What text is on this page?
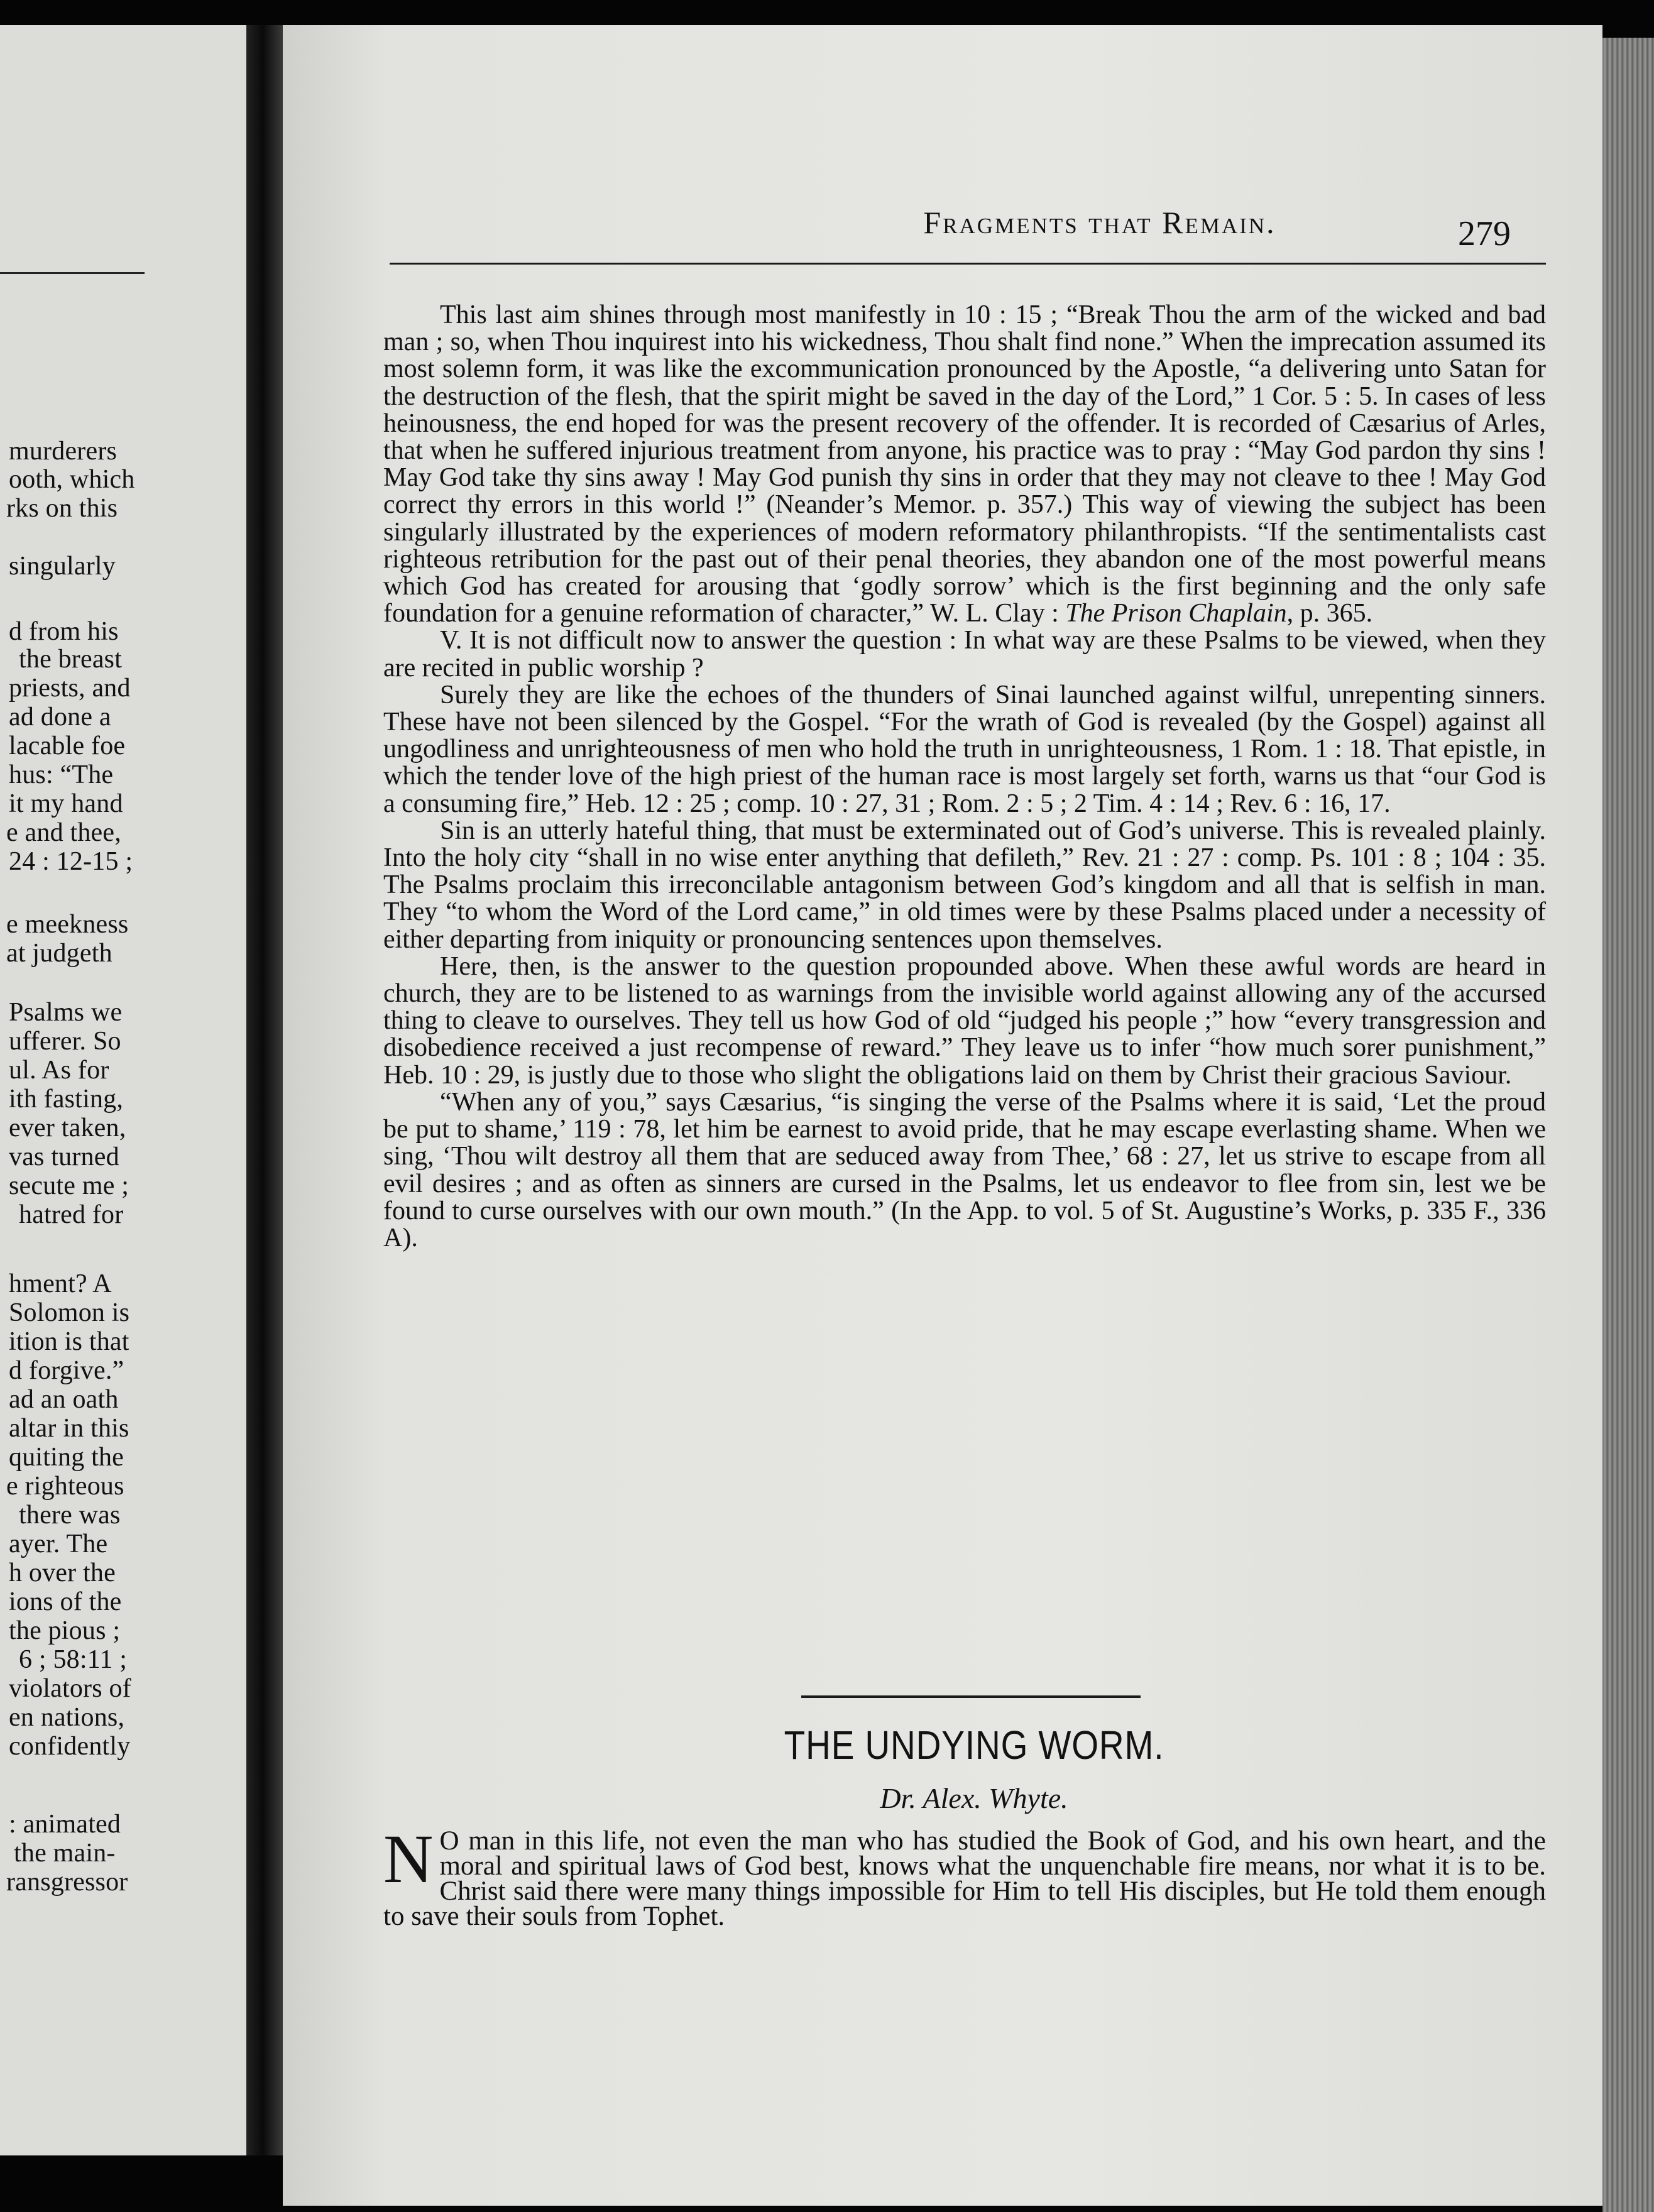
murderers
ooth, which
rks on this
singularly
d from his
the breast
priests, and
ad done a
lacable foe
hus: “The
it my hand
e and thee,
24 : 12-15 ;
e meekness
at judgeth
Psalms we
ufferer. So
ul. As for
ith fasting,
ever taken,
vas turned
secute me ;
hatred for
hment? A
Solomon is
ition is that
d forgive.”
ad an oath
altar in this
quiting the
e righteous
there was
ayer. The
h over the
ions of the
the pious ;
6 ; 58:11 ;
violators of
en nations,
confidently
: animated
the main-
ransgressor
Fragments that Remain.	279

This last aim shines through most manifestly in 10 : 15 ; “Break Thou the arm of the wicked and bad man ; so, when Thou inquirest into his wickedness, Thou shalt find none.” When the imprecation assumed its most solemn form, it was like the excommunication pronounced by the Apostle, “a delivering unto Satan for the destruction of the flesh, that the spirit might be saved in the day of the Lord,” 1 Cor. 5 : 5. In cases of less heinousness, the end hoped for was the present recovery of the offender. It is recorded of Cæsarius of Arles, that when he suffered injurious treatment from anyone, his practice was to pray : “May God pardon thy sins ! May God take thy sins away ! May God punish thy sins in order that they may not cleave to thee ! May God correct thy errors in this world !” (Neander’s Memor. p. 357.) This way of viewing the subject has been singularly illustrated by the experiences of modern reformatory philanthropists. “If the sentimentalists cast righteous retribution for the past out of their penal theories, they abandon one of the most powerful means which God has created for arousing that ‘godly sorrow’ which is the first beginning and the only safe foundation for a genuine reformation of character,” W. L. Clay : The Prison Chaplain, p. 365.

V. It is not difficult now to answer the question : In what way are these Psalms to be viewed, when they are recited in public worship ?

Surely they are like the echoes of the thunders of Sinai launched against wilful, unrepenting sinners. These have not been silenced by the Gospel. “For the wrath of God is revealed (by the Gospel) against all ungodliness and unrighteousness of men who hold the truth in unrighteousness, 1 Rom. 1 : 18. That epistle, in which the tender love of the high priest of the human race is most largely set forth, warns us that “our God is a consuming fire,” Heb. 12 : 25 ; comp. 10 : 27, 31 ; Rom. 2 : 5 ; 2 Tim. 4 : 14 ; Rev. 6 : 16, 17.

Sin is an utterly hateful thing, that must be exterminated out of God’s universe. This is revealed plainly. Into the holy city “shall in no wise enter anything that defileth,” Rev. 21 : 27 : comp. Ps. 101 : 8 ; 104 : 35. The Psalms proclaim this irreconcilable antagonism between God’s kingdom and all that is selfish in man. They “to whom the Word of the Lord came,” in old times were by these Psalms placed under a necessity of either departing from iniquity or pronouncing sentences upon themselves.

Here, then, is the answer to the question propounded above. When these awful words are heard in church, they are to be listened to as warnings from the invisible world against allowing any of the accursed thing to cleave to ourselves. They tell us how God of old “judged his people ;” how “every transgression and disobedience received a just recompense of reward.” They leave us to infer “how much sorer punishment,” Heb. 10 : 29, is justly due to those who slight the obligations laid on them by Christ their gracious Saviour.

“When any of you,” says Cæsarius, “is singing the verse of the Psalms where it is said, ‘Let the proud be put to shame,’ 119 : 78, let him be earnest to avoid pride, that he may escape everlasting shame. When we sing, ‘Thou wilt destroy all them that are seduced away from Thee,’ 68 : 27, let us strive to escape from all evil desires ; and as often as sinners are cursed in the Psalms, let us endeavor to flee from sin, lest we be found to curse ourselves with our own mouth.” (In the App. to vol. 5 of St. Augustine’s Works, p. 335 F., 336 A).

THE UNDYING WORM.
Dr. Alex. Whyte.
N O man in this life, not even the man who has studied the Book of God, and his own heart, and the moral and spiritual laws of God best, knows what the unquenchable fire means, nor what it is to be. Christ said there were many things impossible for Him to tell His disciples, but He told them enough to save their souls from Tophet.
